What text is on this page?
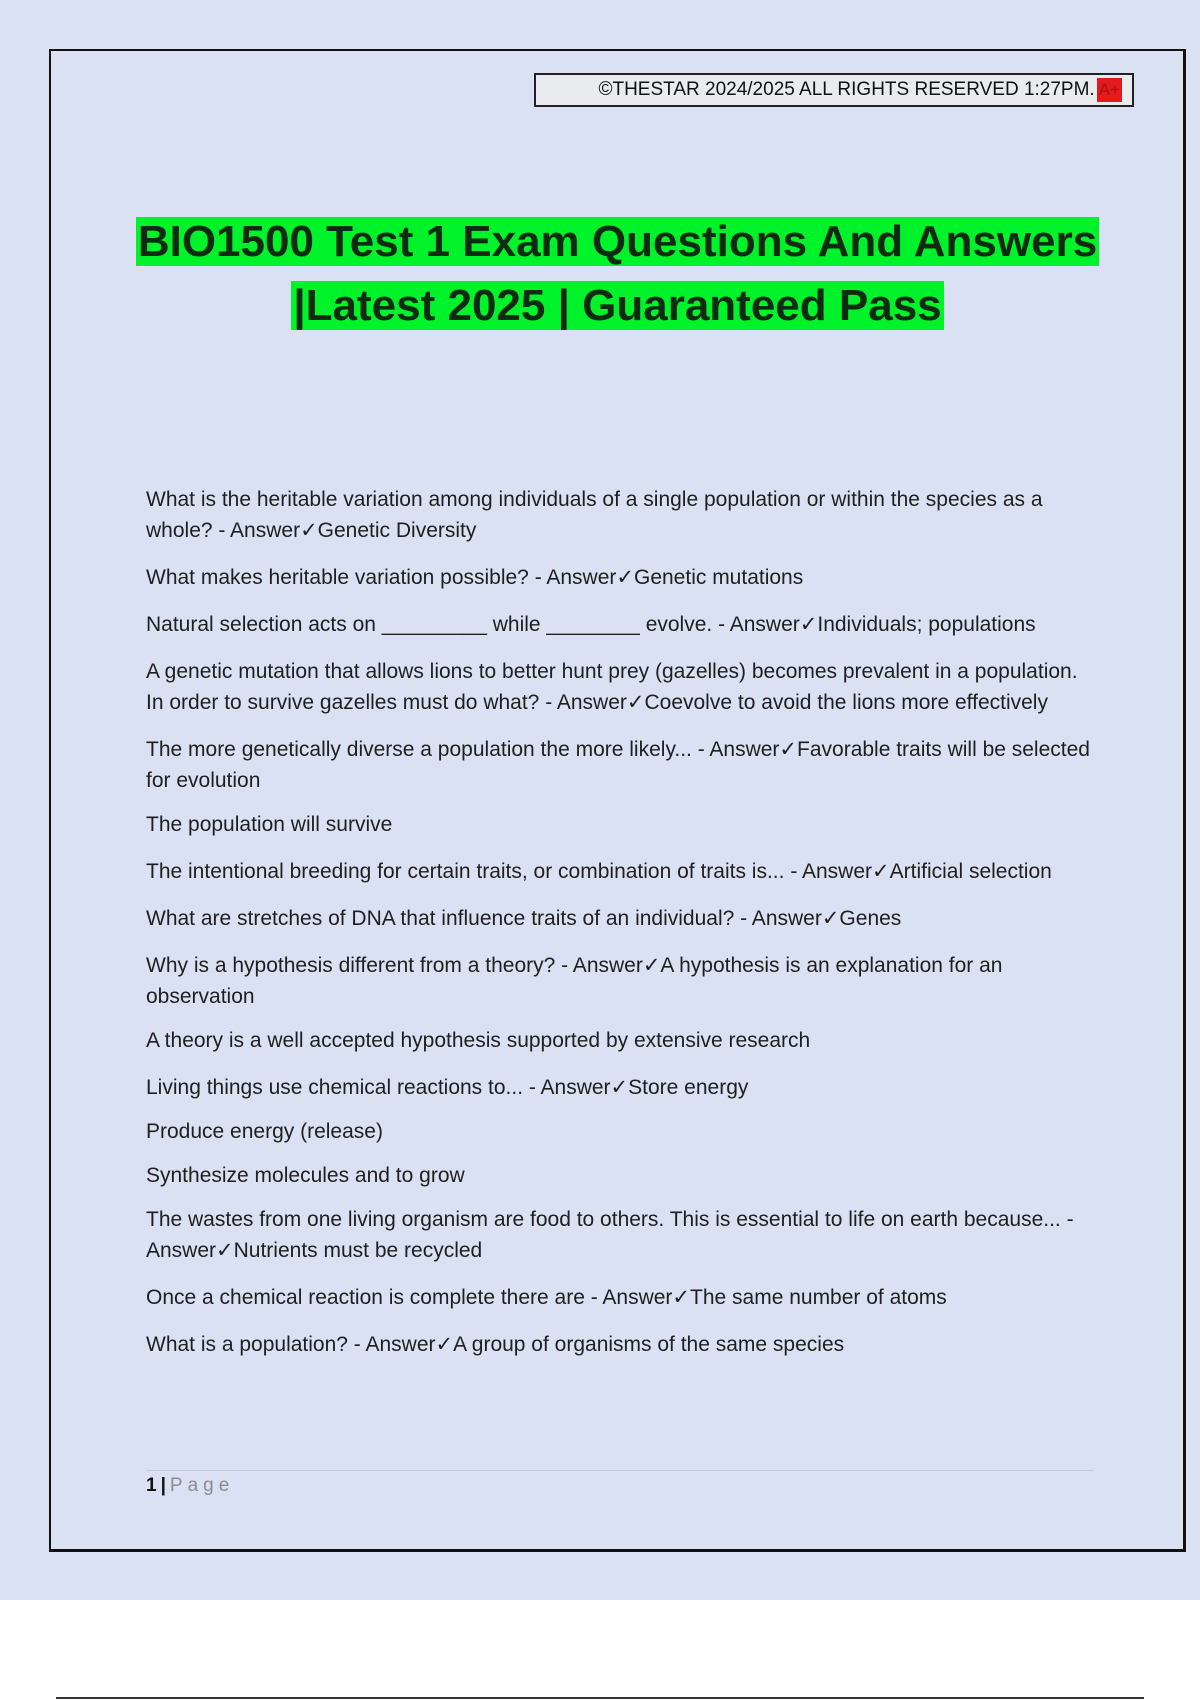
©THESTAR 2024/2025 ALL RIGHTS RESERVED 1:27PM. A+
BIO1500 Test 1 Exam Questions And Answers
|Latest 2025 | Guaranteed Pass

What is the heritable variation among individuals of a single population or within the species as a whole? - Answer✓Genetic Diversity

What makes heritable variation possible? - Answer✓Genetic mutations

Natural selection acts on _________ while ________ evolve. - Answer✓Individuals; populations

A genetic mutation that allows lions to better hunt prey (gazelles) becomes prevalent in a population. In order to survive gazelles must do what? - Answer✓Coevolve to avoid the lions more effectively

The more genetically diverse a population the more likely... - Answer✓Favorable traits will be selected for evolution

The population will survive

The intentional breeding for certain traits, or combination of traits is... - Answer✓Artificial selection

What are stretches of DNA that influence traits of an individual? - Answer✓Genes

Why is a hypothesis different from a theory? - Answer✓A hypothesis is an explanation for an observation

A theory is a well accepted hypothesis supported by extensive research

Living things use chemical reactions to... - Answer✓Store energy

Produce energy (release)

Synthesize molecules and to grow

The wastes from one living organism are food to others. This is essential to life on earth because... - Answer✓Nutrients must be recycled

Once a chemical reaction is complete there are - Answer✓The same number of atoms

What is a population? - Answer✓A group of organisms of the same species

1 | Page
